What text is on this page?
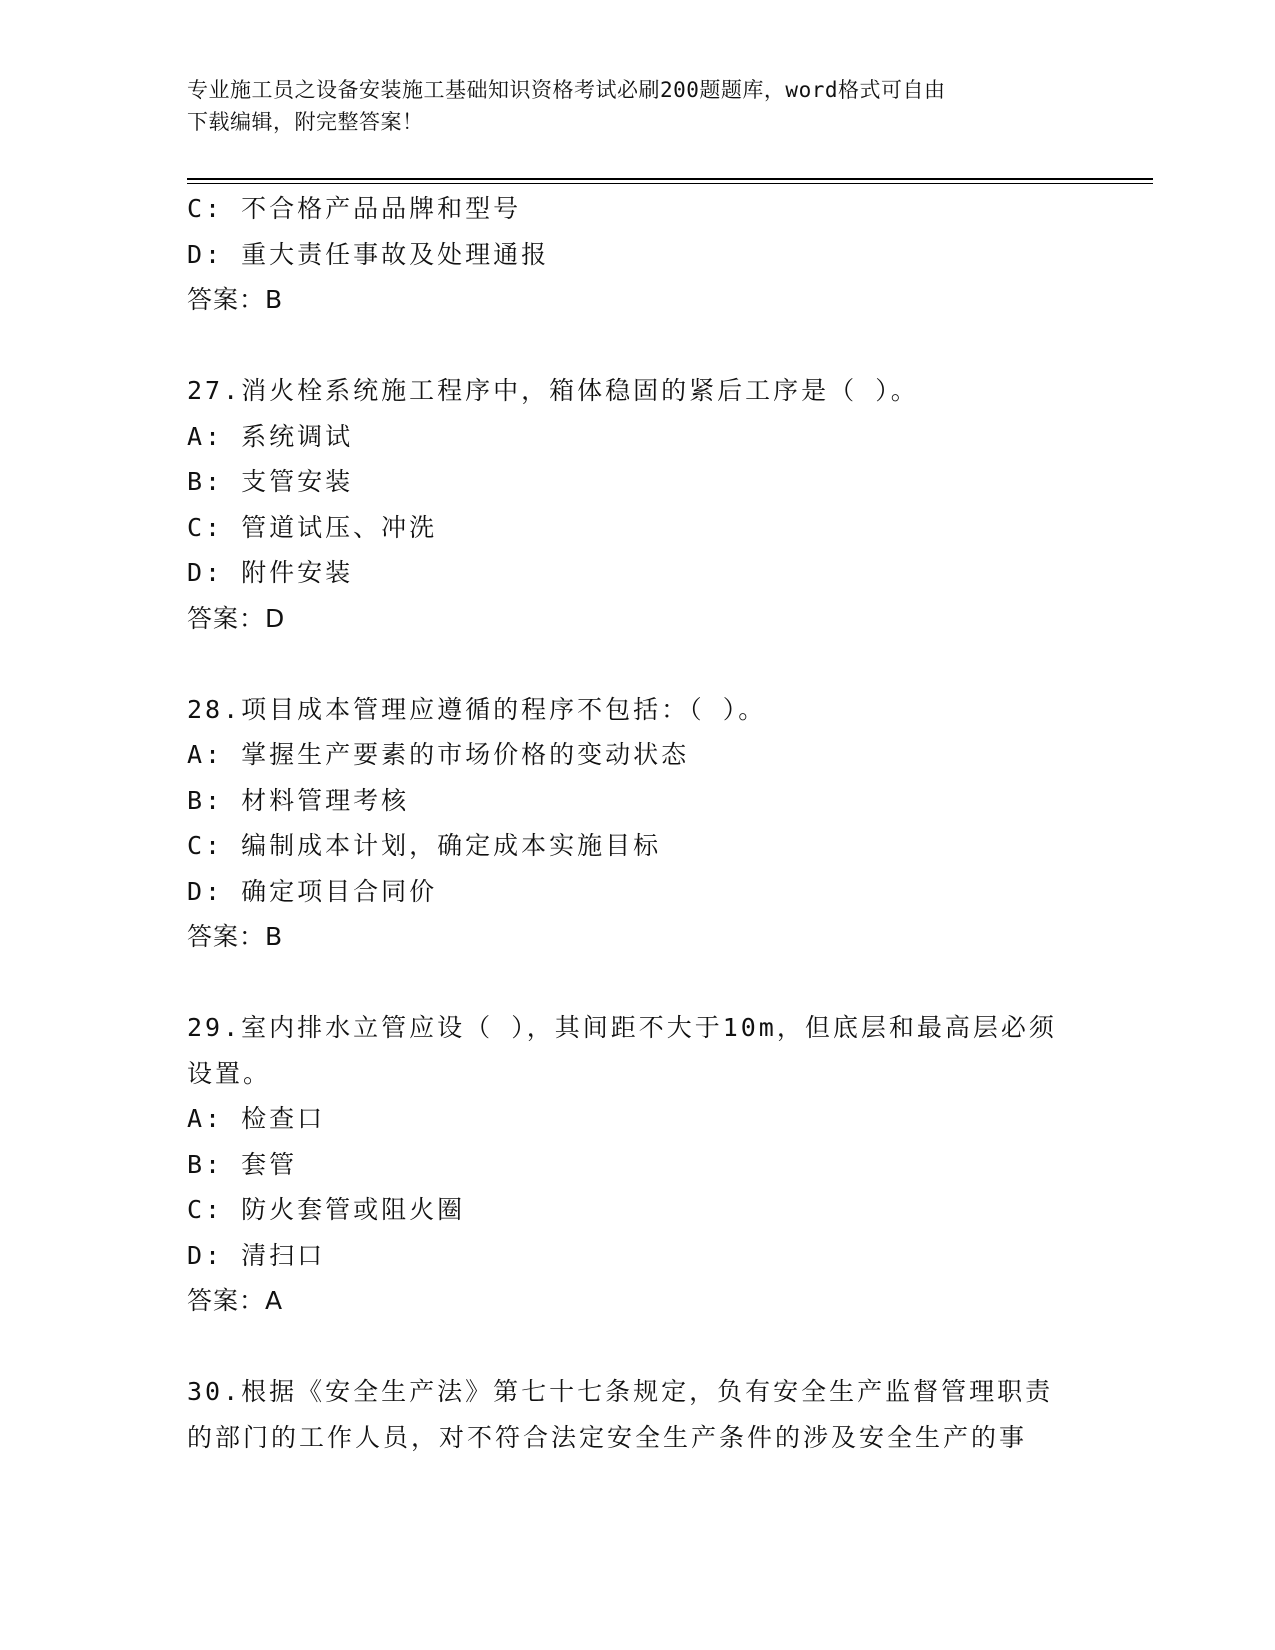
专业施工员之设备安装施工基础知识资格考试必刷200题题库，word格式可自由
下载编辑，附完整答案！
C: 不合格产品品牌和型号
D: 重大责任事故及处理通报
答案：B
27.消火栓系统施工程序中，箱体稳固的紧后工序是（ ）。
A: 系统调试
B: 支管安装
C: 管道试压、冲洗
D: 附件安装
答案：D
28.项目成本管理应遵循的程序不包括：（ ）。
A: 掌握生产要素的市场价格的变动状态
B: 材料管理考核
C: 编制成本计划，确定成本实施目标
D: 确定项目合同价
答案：B
29.室内排水立管应设（ ），其间距不大于10m，但底层和最高层必须
设置。
A: 检查口
B: 套管
C: 防火套管或阻火圈
D: 清扫口
答案：A
30.根据《安全生产法》第七十七条规定，负有安全生产监督管理职责
的部门的工作人员，对不符合法定安全生产条件的涉及安全生产的事
